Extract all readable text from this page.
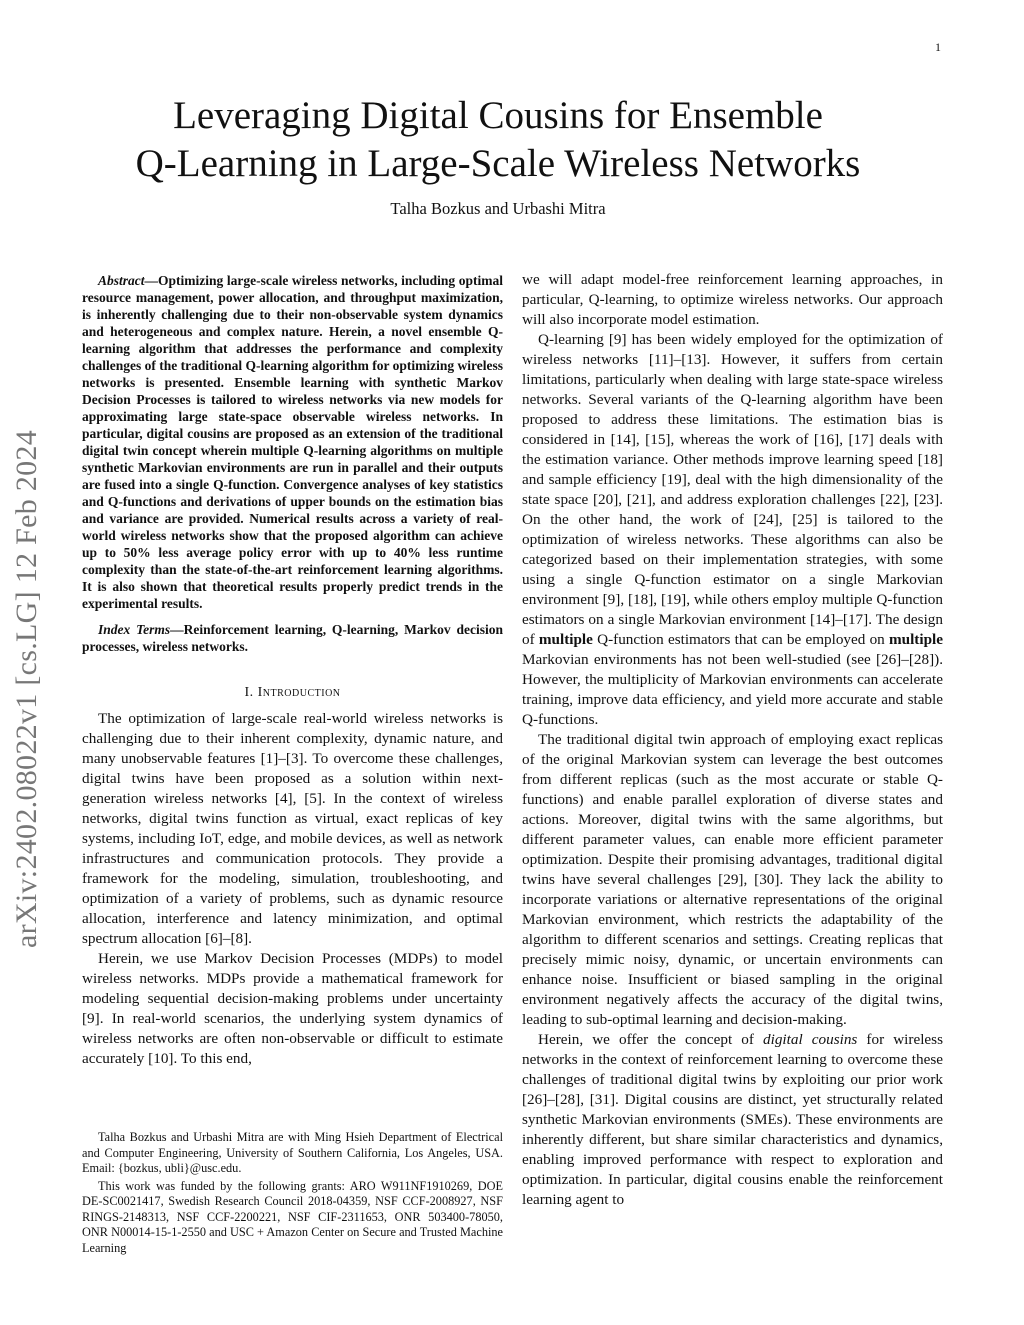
1
arXiv:2402.08022v1 [cs.LG] 12 Feb 2024
Leveraging Digital Cousins for Ensemble
Q-Learning in Large-Scale Wireless Networks
Talha Bozkus and Urbashi Mitra

Abstract—Optimizing large-scale wireless networks, including optimal resource management, power allocation, and throughput maximization, is inherently challenging due to their non-observable system dynamics and heterogeneous and complex nature. Herein, a novel ensemble Q-learning algorithm that addresses the performance and complexity challenges of the traditional Q-learning algorithm for optimizing wireless networks is presented. Ensemble learning with synthetic Markov Decision Processes is tailored to wireless networks via new models for approximating large state-space observable wireless networks. In particular, digital cousins are proposed as an extension of the traditional digital twin concept wherein multiple Q-learning algorithms on multiple synthetic Markovian environments are run in parallel and their outputs are fused into a single Q-function. Convergence analyses of key statistics and Q-functions and derivations of upper bounds on the estimation bias and variance are provided. Numerical results across a variety of real-world wireless networks show that the proposed algorithm can achieve up to 50% less average policy error with up to 40% less runtime complexity than the state-of-the-art reinforcement learning algorithms. It is also shown that theoretical results properly predict trends in the experimental results.

Index Terms—Reinforcement learning, Q-learning, Markov decision processes, wireless networks.

I. Introduction

The optimization of large-scale real-world wireless networks is challenging due to their inherent complexity, dynamic nature, and many unobservable features [1]–[3]. To overcome these challenges, digital twins have been proposed as a solution within next-generation wireless networks [4], [5]. In the context of wireless networks, digital twins function as virtual, exact replicas of key systems, including IoT, edge, and mobile devices, as well as network infrastructures and communication protocols. They provide a framework for the modeling, simulation, troubleshooting, and optimization of a variety of problems, such as dynamic resource allocation, interference and latency minimization, and optimal spectrum allocation [6]–[8].

Herein, we use Markov Decision Processes (MDPs) to model wireless networks. MDPs provide a mathematical framework for modeling sequential decision-making problems under uncertainty [9]. In real-world scenarios, the underlying system dynamics of wireless networks are often non-observable or difficult to estimate accurately [10]. To this end,

Talha Bozkus and Urbashi Mitra are with Ming Hsieh Department of Electrical and Computer Engineering, University of Southern California, Los Angeles, USA. Email: {bozkus, ubli}@usc.edu.

This work was funded by the following grants: ARO W911NF1910269, DOE DE-SC0021417, Swedish Research Council 2018-04359, NSF CCF-2008927, NSF RINGS-2148313, NSF CCF-2200221, NSF CIF-2311653, ONR 503400-78050, ONR N00014-15-1-2550 and USC + Amazon Center on Secure and Trusted Machine Learning

we will adapt model-free reinforcement learning approaches, in particular, Q-learning, to optimize wireless networks. Our approach will also incorporate model estimation.

Q-learning [9] has been widely employed for the optimization of wireless networks [11]–[13]. However, it suffers from certain limitations, particularly when dealing with large state-space wireless networks. Several variants of the Q-learning algorithm have been proposed to address these limitations. The estimation bias is considered in [14], [15], whereas the work of [16], [17] deals with the estimation variance. Other methods improve learning speed [18] and sample efficiency [19], deal with the high dimensionality of the state space [20], [21], and address exploration challenges [22], [23]. On the other hand, the work of [24], [25] is tailored to the optimization of wireless networks. These algorithms can also be categorized based on their implementation strategies, with some using a single Q-function estimator on a single Markovian environment [9], [18], [19], while others employ multiple Q-function estimators on a single Markovian environment [14]–[17]. The design of multiple Q-function estimators that can be employed on multiple Markovian environments has not been well-studied (see [26]–[28]). However, the multiplicity of Markovian environments can accelerate training, improve data efficiency, and yield more accurate and stable Q-functions.

The traditional digital twin approach of employing exact replicas of the original Markovian system can leverage the best outcomes from different replicas (such as the most accurate or stable Q-functions) and enable parallel exploration of diverse states and actions. Moreover, digital twins with the same algorithms, but different parameter values, can enable more efficient parameter optimization. Despite their promising advantages, traditional digital twins have several challenges [29], [30]. They lack the ability to incorporate variations or alternative representations of the original Markovian environment, which restricts the adaptability of the algorithm to different scenarios and settings. Creating replicas that precisely mimic noisy, dynamic, or uncertain environments can enhance noise. Insufficient or biased sampling in the original environment negatively affects the accuracy of the digital twins, leading to sub-optimal learning and decision-making.

Herein, we offer the concept of digital cousins for wireless networks in the context of reinforcement learning to overcome these challenges of traditional digital twins by exploiting our prior work [26]–[28], [31]. Digital cousins are distinct, yet structurally related synthetic Markovian environments (SMEs). These environments are inherently different, but share similar characteristics and dynamics, enabling improved performance with respect to exploration and optimization. In particular, digital cousins enable the reinforcement learning agent to
